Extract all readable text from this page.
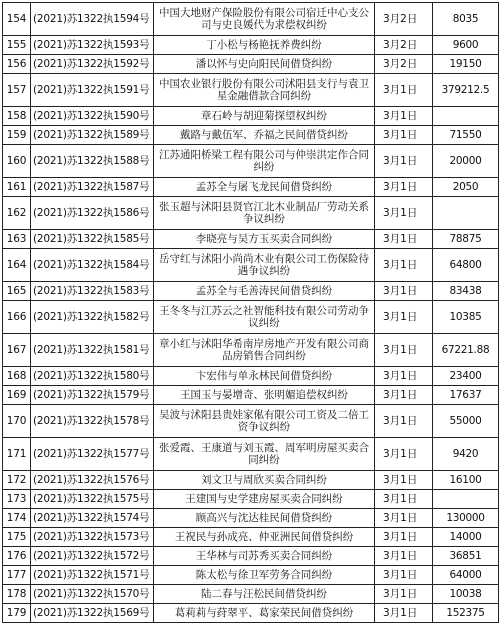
154	(2021)苏1322执1594号	中国大地财产保险股份有限公司宿迁中心支公司与史良媛代为求偿权纠纷	3月2日	8035
155	(2021)苏1322执1593号	丁小松与杨艳抚养费纠纷	3月2日	9600
156	(2021)苏1322执1592号	潘以怀与史向阳民间借贷纠纷	3月2日	19150
157	(2021)苏1322执1591号	中国农业银行股份有限公司沭阳县支行与袁卫星金融借款合同纠纷	3月1日	379212.5
158	(2021)苏1322执1590号	章石岭与胡迎菊探望权纠纷	3月1日	
159	(2021)苏1322执1589号	戴路与戴伍军、乔福之民间借贷纠纷	3月1日	71550
160	(2021)苏1322执1588号	江苏通阳桥梁工程有限公司与仲崇洪定作合同纠纷	3月1日	20000
161	(2021)苏1322执1587号	孟苏全与屠飞龙民间借贷纠纷	3月1日	2050
162	(2021)苏1322执1586号	张玉超与沭阳县贤官江北木业制品厂劳动关系争议纠纷	3月1日	
163	(2021)苏1322执1585号	李晓亮与吴方玉买卖合同纠纷	3月1日	78875
164	(2021)苏1322执1584号	岳守红与沭阳小尚尚木业有限公司工伤保险待遇争议纠纷	3月1日	64800
165	(2021)苏1322执1583号	孟苏全与毛善涛民间借贷纠纷	3月1日	83438
166	(2021)苏1322执1582号	王冬冬与江苏云之社智能科技有限公司劳动争议纠纷	3月1日	10385
167	(2021)苏1322执1581号	章小红与沭阳华希南岸房地产开发有限公司商品房销售合同纠纷	3月1日	67221.88
168	(2021)苏1322执1580号	卞宏伟与单永林民间借贷纠纷	3月1日	23400
169	(2021)苏1322执1579号	王国玉与晏增奇、张明媚追偿权纠纷	3月1日	17637
170	(2021)苏1322执1578号	吴波与沭阳县贵娃家俬有限公司工资及二倍工资争议纠纷	3月1日	55000
171	(2021)苏1322执1577号	张爱霞、王康道与刘玉霞、周军明房屋买卖合同纠纷	3月1日	9420
172	(2021)苏1322执1576号	刘文卫与周欣买卖合同纠纷	3月1日	16100
173	(2021)苏1322执1575号	王建国与史学建房屋买卖合同纠纷	3月1日	
174	(2021)苏1322执1574号	顾高兴与沈达桂民间借贷纠纷	3月1日	130000
175	(2021)苏1322执1573号	王祝民与孙成亮、仲亚洲民间借贷纠纷	3月1日	14000
176	(2021)苏1322执1572号	王华林与司苏秀买卖合同纠纷	3月1日	36851
177	(2021)苏1322执1571号	陈太松与徐卫军劳务合同纠纷	3月1日	64000
178	(2021)苏1322执1570号	陆二春与汪松民间借贷纠纷	3月1日	10038
179	(2021)苏1322执1569号	葛莉莉与荮翠平、葛家荣民间借贷纠纷	3月1日	152375
